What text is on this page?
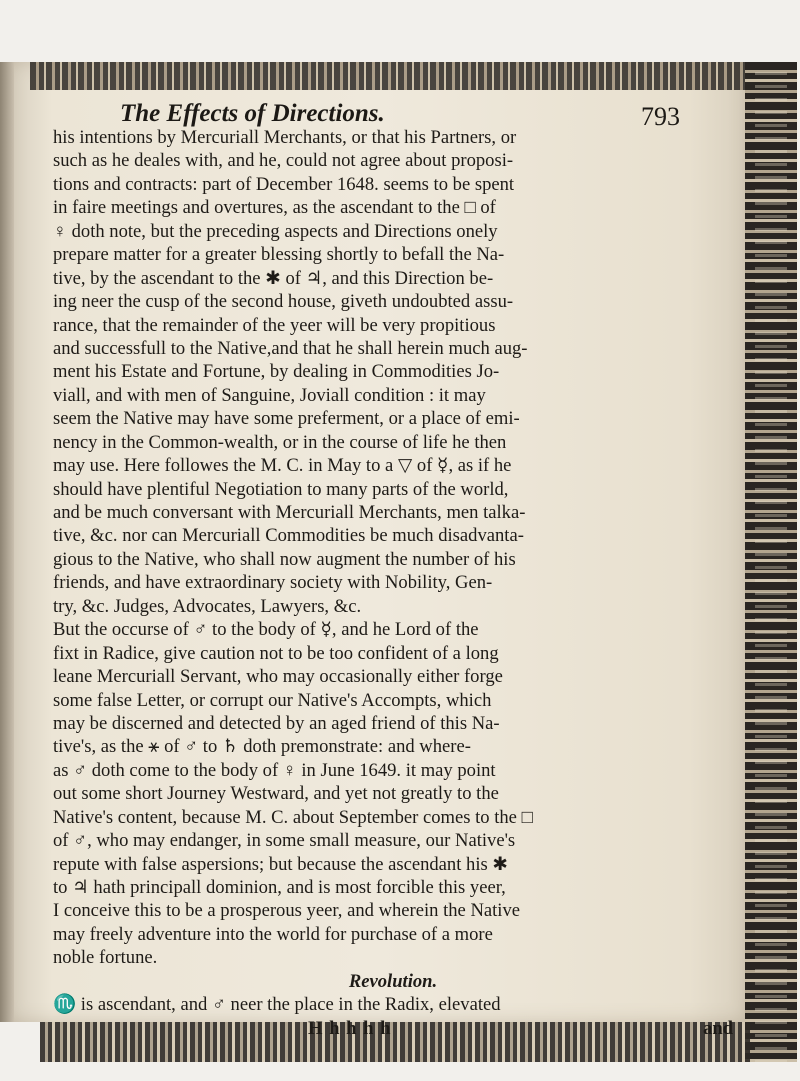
The Effects of Directions.	793
his intentions by Mercuriall Merchants, or that his Partners, or
such as he deales with, and he, could not agree about proposi-
tions and contracts: part of December 1648. seems to be spent
in faire meetings and overtures, as the ascendant to the □ of
♀ doth note, but the preceding aspects and Directions onely
prepare matter for a greater blessing shortly to befall the Na-
tive, by the ascendant to the ✱ of ♃, and this Direction be-
ing neer the cusp of the second house, giveth undoubted assu-
rance, that the remainder of the yeer will be very propitious
and successfull to the Native,and that he shall herein much aug-
ment his Estate and Fortune, by dealing in Commodities Jo-
viall, and with men of Sanguine, Joviall condition : it may
seem the Native may have some preferment, or a place of emi-
nency in the Common-wealth, or in the course of life he then
may use. Here followes the M. C. in May to a ▽ of ☿, as if he
should have plentiful Negotiation to many parts of the world,
and be much conversant with Mercuriall Merchants, men talka-
tive, &c. nor can Mercuriall Commodities be much disadvanta-
gious to the Native, who shall now augment the number of his
friends, and have extraordinary society with Nobility, Gen-
try, &c. Judges, Advocates, Lawyers, &c.
But the occurse of ♂ to the body of ☿, and he Lord of the
fixt in Radice, give caution not to be too confident of a long
leane Mercuriall Servant, who may occasionally either forge
some false Letter, or corrupt our Native's Accompts, which
may be discerned and detected by an aged friend of this Na-
tive's, as the ⚹ of ♂ to ♄ doth premonstrate: and where-
as ♂ doth come to the body of ♀ in June 1649. it may point
out some short Journey Westward, and yet not greatly to the
Native's content, because M. C. about September comes to the □
of ♂, who may endanger, in some small measure, our Native's
repute with false aspersions; but because the ascendant his ✱
to ♃ hath principall dominion, and is most forcible this yeer,
I conceive this to be a prosperous yeer, and wherein the Native
may freely adventure into the world for purchase of a more
noble fortune.
Revolution.
♏ is ascendant, and ♂ neer the place in the Radix, elevated
H h h h h	and
